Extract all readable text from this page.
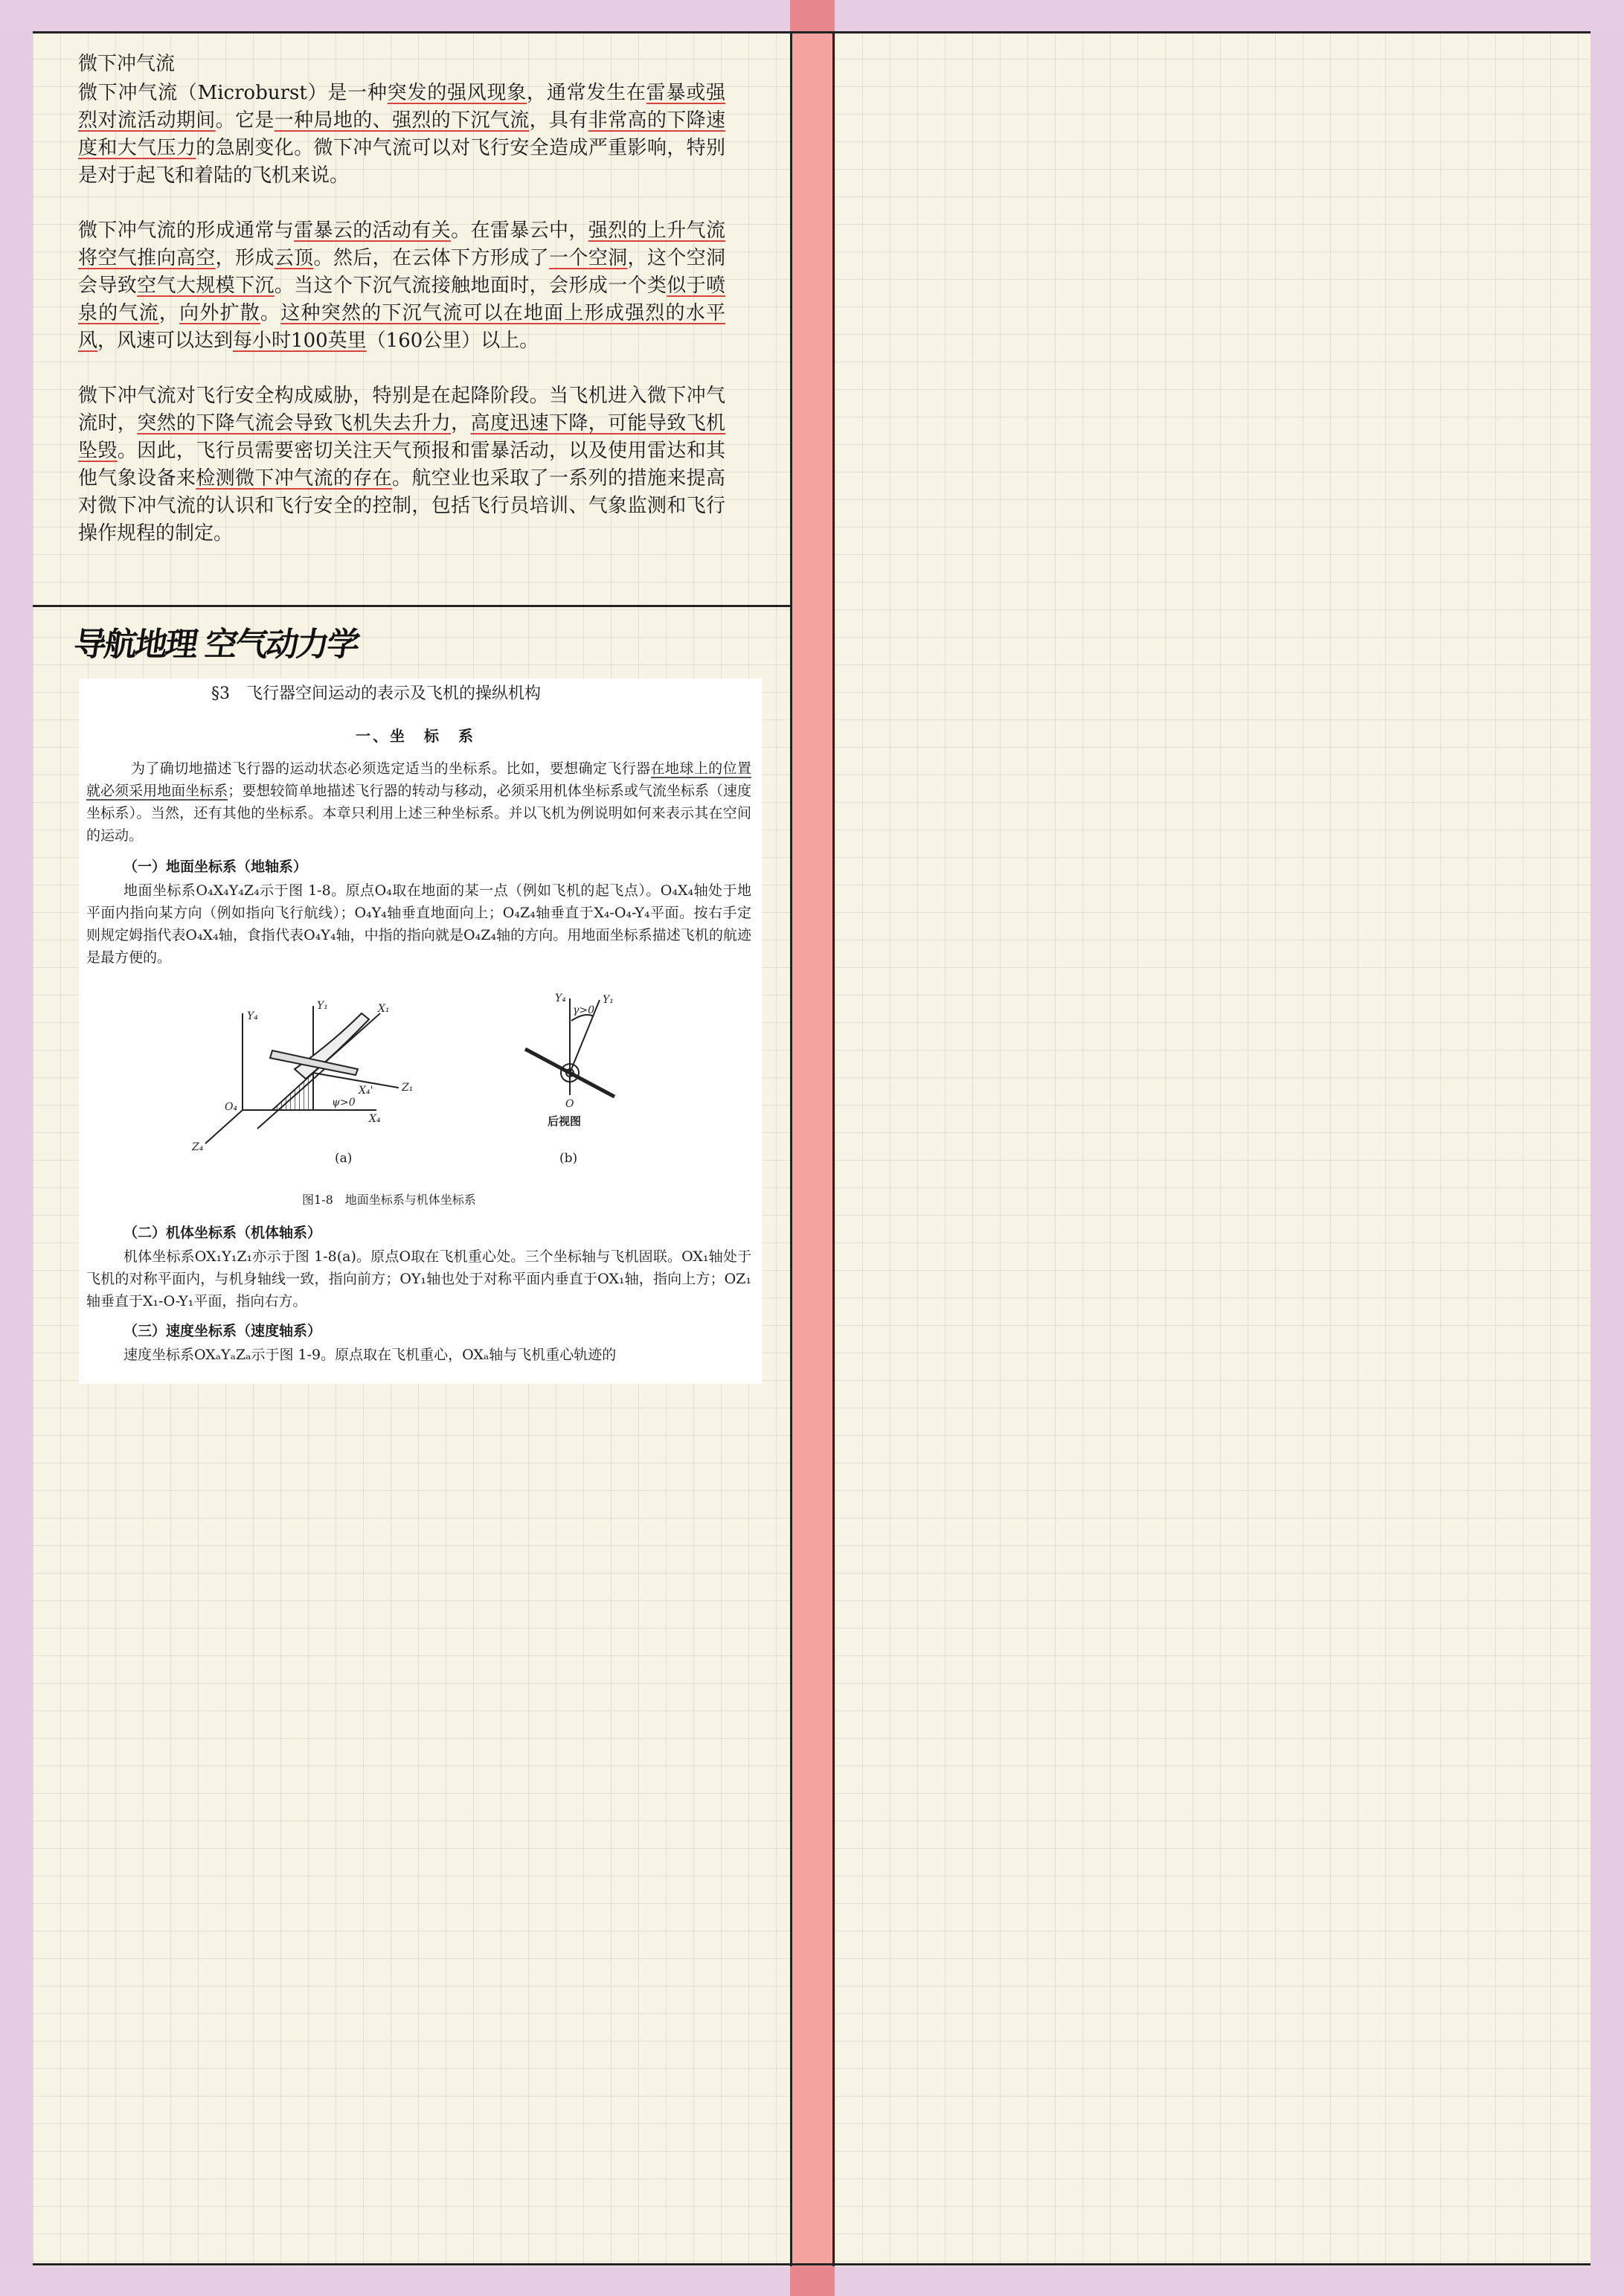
微下冲气流

微下冲气流（Microburst）是一种突发的强风现象，通常发生在雷暴或强烈对流活动期间。它是一种局地的、强烈的下沉气流，具有非常高的下降速度和大气压力的急剧变化。微下冲气流可以对飞行安全造成严重影响，特别是对于起飞和着陆的飞机来说。

微下冲气流的形成通常与雷暴云的活动有关。在雷暴云中，强烈的上升气流将空气推向高空，形成云顶。然后，在云体下方形成了一个空洞，这个空洞会导致空气大规模下沉。当这个下沉气流接触地面时，会形成一个类似于喷泉的气流，向外扩散。这种突然的下沉气流可以在地面上形成强烈的水平风，风速可以达到每小时100英里（160公里）以上。

微下冲气流对飞行安全构成威胁，特别是在起降阶段。当飞机进入微下冲气流时，突然的下降气流会导致飞机失去升力，高度迅速下降，可能导致飞机坠毁。因此，飞行员需要密切关注天气预报和雷暴活动，以及使用雷达和其他气象设备来检测微下冲气流的存在。航空业也采取了一系列的措施来提高对微下冲气流的认识和飞行安全的控制，包括飞行员培训、气象监测和飞行操作规程的制定。

导航地理 空气动力学
§3　飞行器空间运动的表示及飞机的操纵机构
一、坐　标　系
为了确切地描述飞行器的运动状态必须选定适当的坐标系。比如，要想确定飞行器在地球上的位置就必须采用地面坐标系；要想较简单地描述飞行器的转动与移动，必须采用机体坐标系或气流坐标系（速度坐标系）。当然，还有其他的坐标系。本章只利用上述三种坐标系。并以飞机为例说明如何来表示其在空间的运动。
（一）地面坐标系（地轴系）
地面坐标系O₄X₄Y₄Z₄示于图 1-8。原点O₄取在地面的某一点（例如飞机的起飞点）。O₄X₄轴处于地平面内指向某方向（例如指向飞行航线）；O₄Y₄轴垂直地面向上；O₄Z₄轴垂直于X₄-O₄-Y₄平面。按右手定则规定姆指代表O₄X₄轴，食指代表O₄Y₄轴，中指的指向就是O₄Z₄轴的方向。用地面坐标系描述飞机的航迹是最方便的。
Y₄
Y₁	X₁
Z₁
X₄
Z₄
O₄
X₄'
ψ>0
Y₄
γ>0
Y₁
O
后视图
(a)	(b)
图1-8　地面坐标系与机体坐标系
（二）机体坐标系（机体轴系）
机体坐标系OX₁Y₁Z₁亦示于图 1-8(a)。原点O取在飞机重心处。三个坐标轴与飞机固联。OX₁轴处于飞机的对称平面内，与机身轴线一致，指向前方；OY₁轴也处于对称平面内垂直于OX₁轴，指向上方；OZ₁轴垂直于X₁-O-Y₁平面，指向右方。
（三）速度坐标系（速度轴系）
速度坐标系OXₐYₐZₐ示于图 1-9。原点取在飞机重心，OXₐ轴与飞机重心轨迹的
